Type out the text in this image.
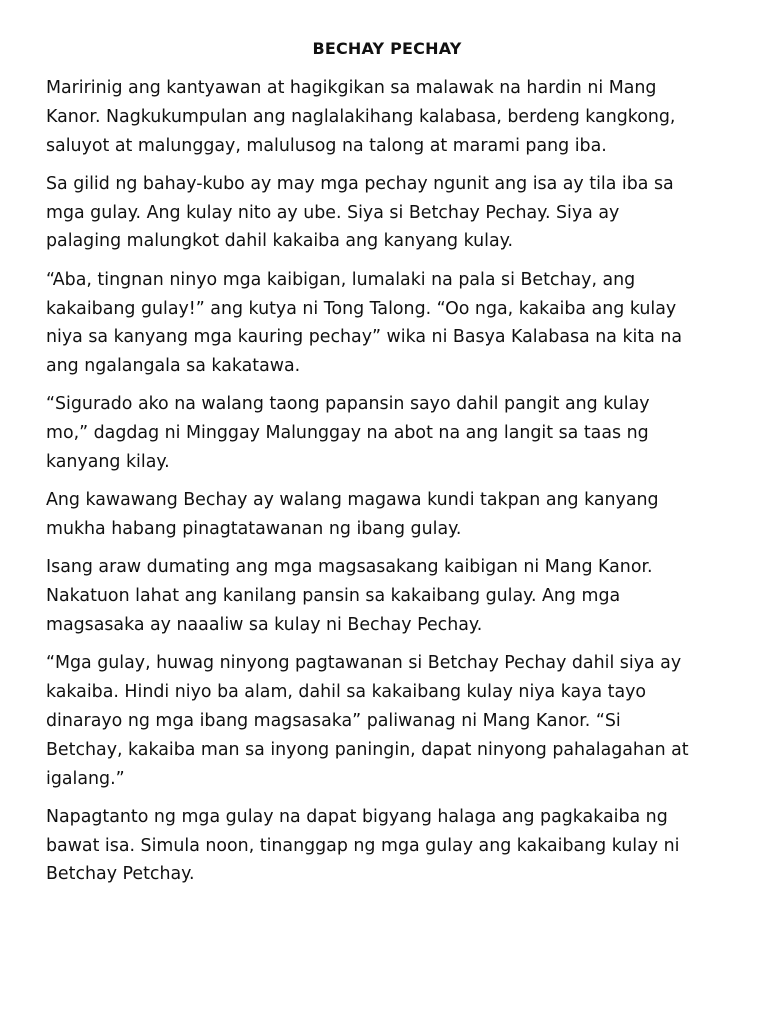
BECHAY PECHAY
Maririnig ang kantyawan at hagikgikan sa malawak na hardin ni Mang
Kanor. Nagkukumpulan ang naglalakihang kalabasa, berdeng kangkong,
saluyot at malunggay, malulusog na talong at marami pang iba.
Sa gilid ng bahay-kubo ay may mga pechay ngunit ang isa ay tila iba sa
mga gulay. Ang kulay nito ay ube. Siya si Betchay Pechay. Siya ay
palaging malungkot dahil kakaiba ang kanyang kulay.
“Aba, tingnan ninyo mga kaibigan, lumalaki na pala si Betchay, ang
kakaibang gulay!” ang kutya ni Tong Talong. “Oo nga, kakaiba ang kulay
niya sa kanyang mga kauring pechay” wika ni Basya Kalabasa na kita na
ang ngalangala sa kakatawa.
“Sigurado ako na walang taong papansin sayo dahil pangit ang kulay
mo,” dagdag ni Minggay Malunggay na abot na ang langit sa taas ng
kanyang kilay.
Ang kawawang Bechay ay walang magawa kundi takpan ang kanyang
mukha habang pinagtatawanan ng ibang gulay.
Isang araw dumating ang mga magsasakang kaibigan ni Mang Kanor.
Nakatuon lahat ang kanilang pansin sa kakaibang gulay. Ang mga
magsasaka ay naaaliw sa kulay ni Bechay Pechay.
“Mga gulay, huwag ninyong pagtawanan si Betchay Pechay dahil siya ay
kakaiba. Hindi niyo ba alam, dahil sa kakaibang kulay niya kaya tayo
dinarayo ng mga ibang magsasaka” paliwanag ni Mang Kanor. “Si
Betchay, kakaiba man sa inyong paningin, dapat ninyong pahalagahan at
igalang.”
Napagtanto ng mga gulay na dapat bigyang halaga ang pagkakaiba ng
bawat isa. Simula noon, tinanggap ng mga gulay ang kakaibang kulay ni
Betchay Petchay.
